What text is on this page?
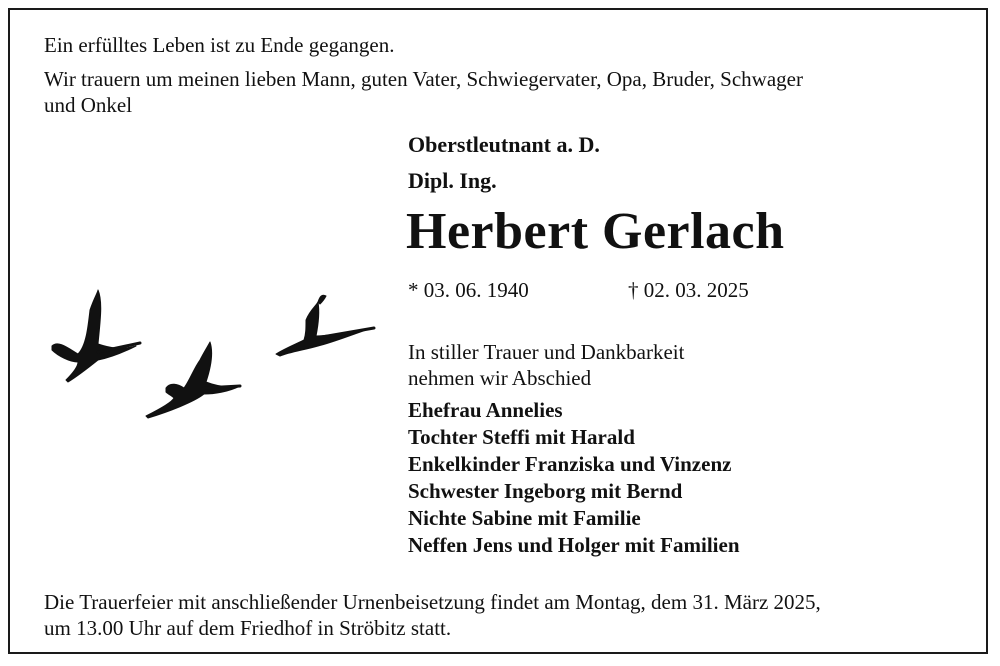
Ein erfülltes Leben ist zu Ende gegangen.
Wir trauern um meinen lieben Mann, guten Vater, Schwiegervater, Opa, Bruder, Schwager
und Onkel
Oberstleutnant a. D.
Dipl. Ing.
Herbert Gerlach
* 03. 06. 1940	† 02. 03. 2025
In stiller Trauer und Dankbarkeit
nehmen wir Abschied
Ehefrau Annelies
Tochter Steffi mit Harald
Enkelkinder Franziska und Vinzenz
Schwester Ingeborg mit Bernd
Nichte Sabine mit Familie
Neffen Jens und Holger mit Familien
Die Trauerfeier mit anschließender Urnenbeisetzung findet am Montag, dem 31. März 2025,
um 13.00 Uhr auf dem Friedhof in Ströbitz statt.
